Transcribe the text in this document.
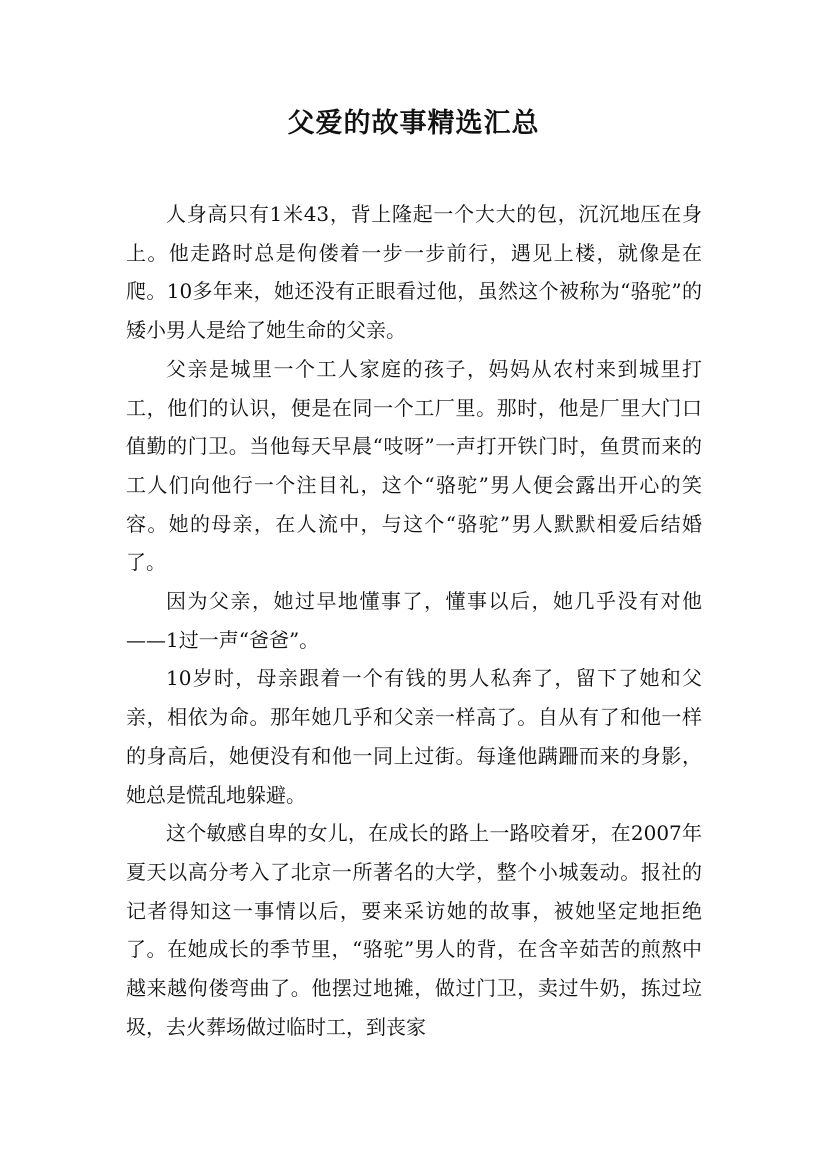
父爱的故事精选汇总

人身高只有1米43，背上隆起一个大大的包，沉沉地压在身上。他走路时总是佝偻着一步一步前行，遇见上楼，就像是在爬。10多年来，她还没有正眼看过他，虽然这个被称为“骆驼”的矮小男人是给了她生命的父亲。

父亲是城里一个工人家庭的孩子，妈妈从农村来到城里打工，他们的认识，便是在同一个工厂里。那时，他是厂里大门口值勤的门卫。当他每天早晨“吱呀”一声打开铁门时，鱼贯而来的工人们向他行一个注目礼，这个“骆驼”男人便会露出开心的笑容。她的母亲，在人流中，与这个“骆驼”男人默默相爱后结婚了。

因为父亲，她过早地懂事了，懂事以后，她几乎没有对他——1过一声“爸爸”。

10岁时，母亲跟着一个有钱的男人私奔了，留下了她和父亲，相依为命。那年她几乎和父亲一样高了。自从有了和他一样的身高后，她便没有和他一同上过街。每逢他蹒跚而来的身影，她总是慌乱地躲避。

这个敏感自卑的女儿，在成长的路上一路咬着牙，在2007年夏天以高分考入了北京一所著名的大学，整个小城轰动。报社的记者得知这一事情以后，要来采访她的故事，被她坚定地拒绝了。在她成长的季节里，“骆驼”男人的背，在含辛茹苦的煎熬中越来越佝偻弯曲了。他摆过地摊，做过门卫，卖过牛奶，拣过垃圾，去火葬场做过临时工，到丧家
